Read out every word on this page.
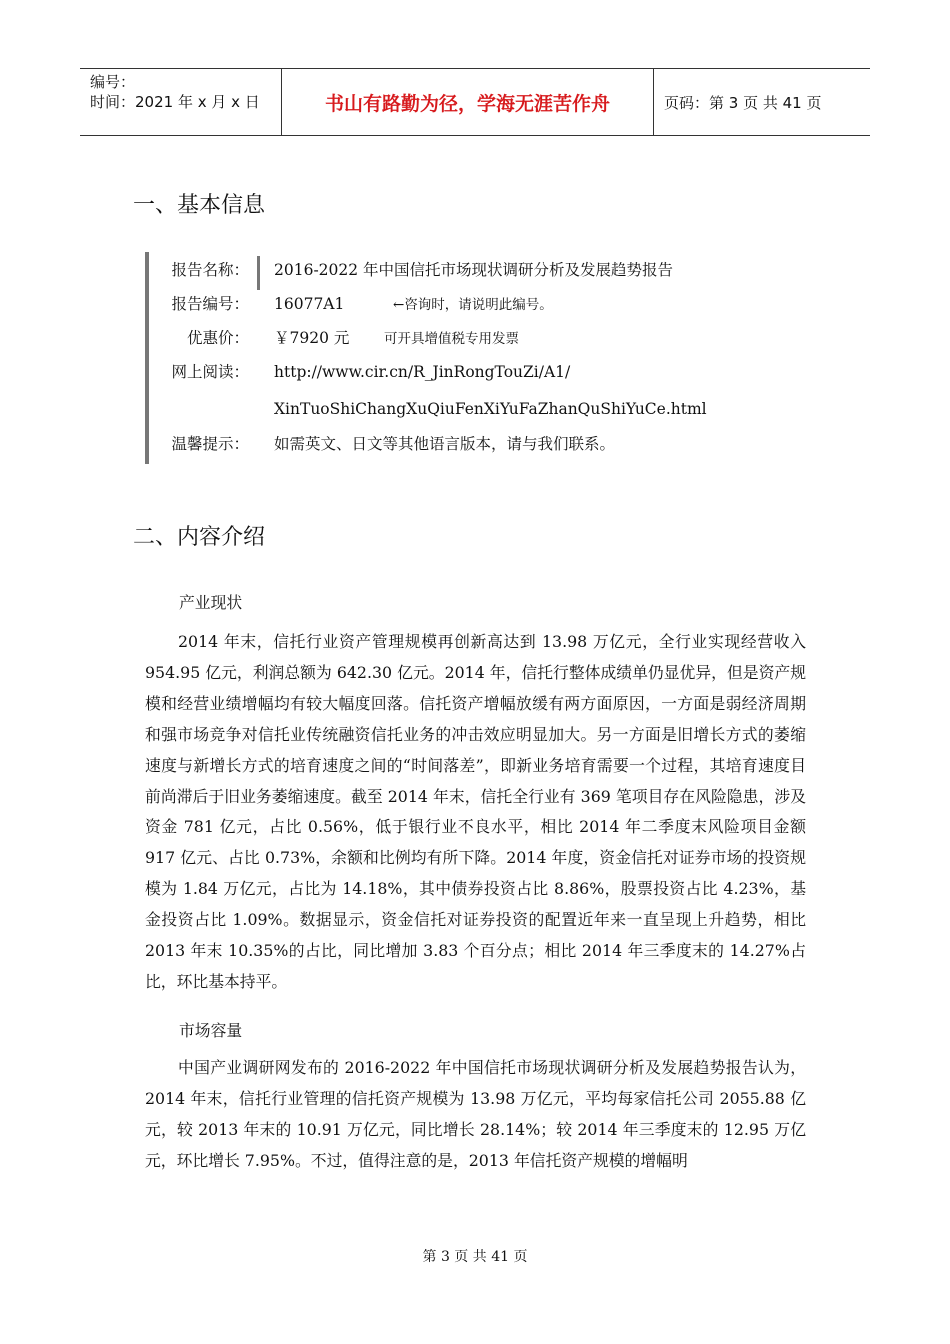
编号：
时间：2021 年 x 月 x 日	书山有路勤为径，学海无涯苦作舟	页码：第 3 页 共 41 页
一、基本信息
报告名称： 2016-2022 年中国信托市场现状调研分析及发展趋势报告
报告编号： 16077A1	←咨询时，请说明此编号。
优惠价： ￥7920 元	可开具增值税专用发票
网上阅读： http://www.cir.cn/R_JinRongTouZi/A1/
XinTuoShiChangXuQiuFenXiYuFaZhanQuShiYuCe.html
温馨提示： 如需英文、日文等其他语言版本，请与我们联系。
二、内容介绍
产业现状
2014 年末，信托行业资产管理规模再创新高达到 13.98 万亿元，全行业实现经营收入 954.95 亿元，利润总额为 642.30 亿元。2014 年，信托行整体成绩单仍显优异，但是资产规模和经营业绩增幅均有较大幅度回落。信托资产增幅放缓有两方面原因，一方面是弱经济周期和强市场竞争对信托业传统融资信托业务的冲击效应明显加大。另一方面是旧增长方式的萎缩速度与新增长方式的培育速度之间的“时间落差”，即新业务培育需要一个过程，其培育速度目前尚滞后于旧业务萎缩速度。截至 2014 年末，信托全行业有 369 笔项目存在风险隐患，涉及资金 781 亿元，占比 0.56%，低于银行业不良水平，相比 2014 年二季度末风险项目金额 917 亿元、占比 0.73%，余额和比例均有所下降。2014 年度，资金信托对证券市场的投资规模为 1.84 万亿元，占比为 14.18%，其中债券投资占比 8.86%，股票投资占比 4.23%，基金投资占比 1.09%。数据显示，资金信托对证券投资的配置近年来一直呈现上升趋势，相比 2013 年末 10.35%的占比，同比增加 3.83 个百分点；相比 2014 年三季度末的 14.27%占比，环比基本持平。
市场容量
中国产业调研网发布的 2016-2022 年中国信托市场现状调研分析及发展趋势报告认为，2014 年末，信托行业管理的信托资产规模为 13.98 万亿元，平均每家信托公司 2055.88 亿元，较 2013 年末的 10.91 万亿元，同比增长 28.14%；较 2014 年三季度末的 12.95 万亿元，环比增长 7.95%。不过，值得注意的是，2013 年信托资产规模的增幅明
第 3 页 共 41 页
